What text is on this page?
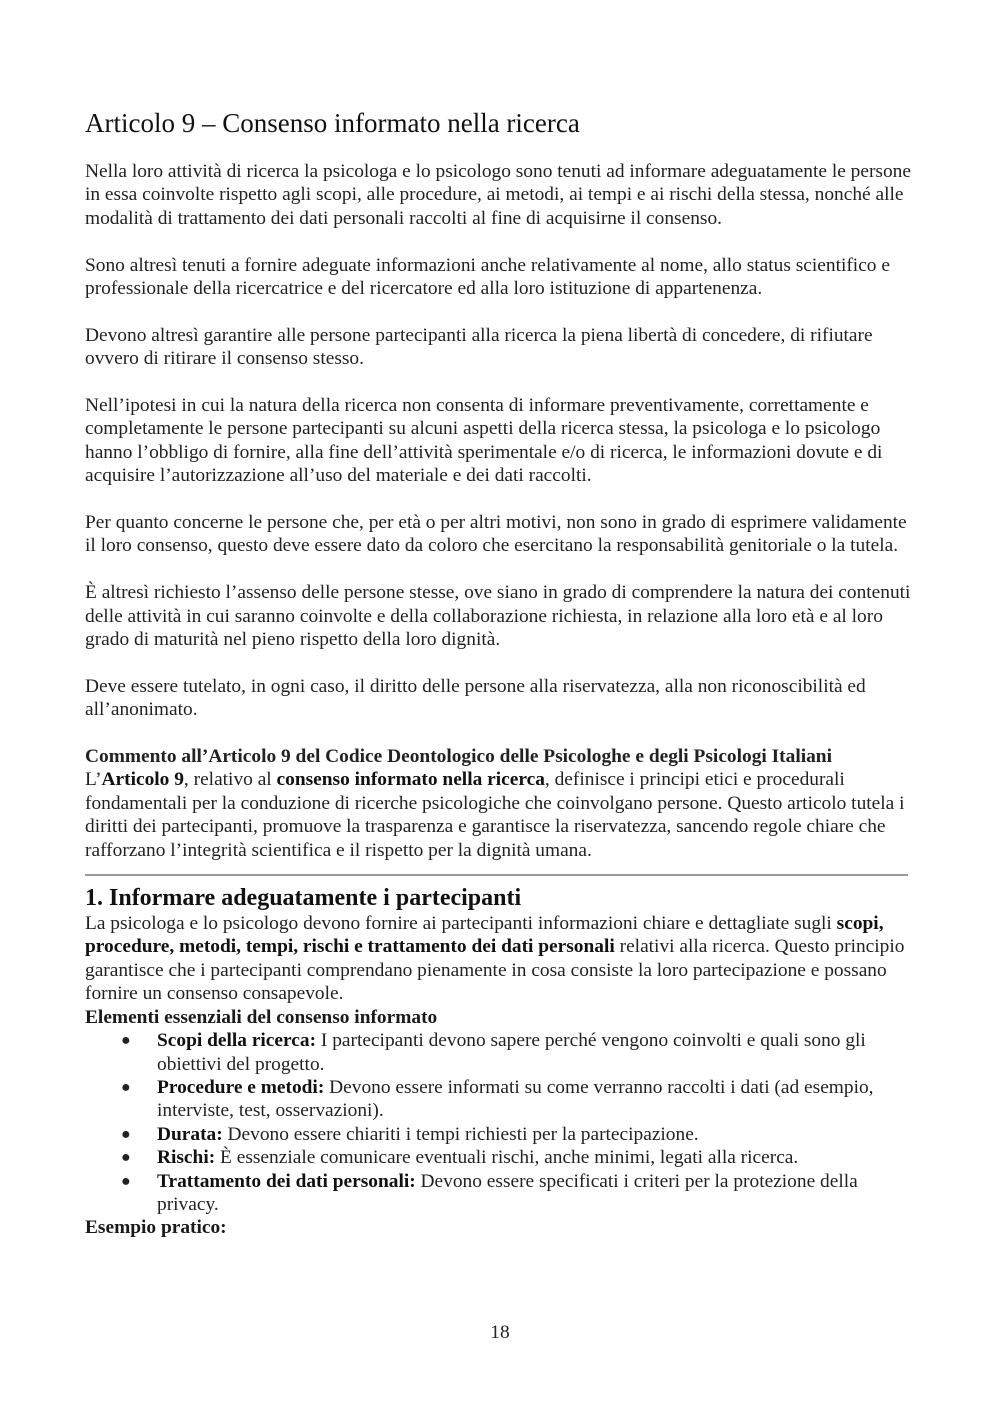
Articolo 9 – Consenso informato nella ricerca

Nella loro attività di ricerca la psicologa e lo psicologo sono tenuti ad informare adeguatamente le persone in essa coinvolte rispetto agli scopi, alle procedure, ai metodi, ai tempi e ai rischi della stessa, nonché alle modalità di trattamento dei dati personali raccolti al fine di acquisirne il consenso.

Sono altresì tenuti a fornire adeguate informazioni anche relativamente al nome, allo status scientifico e professionale della ricercatrice e del ricercatore ed alla loro istituzione di appartenenza.

Devono altresì garantire alle persone partecipanti alla ricerca la piena libertà di concedere, di rifiutare ovvero di ritirare il consenso stesso.

Nell’ipotesi in cui la natura della ricerca non consenta di informare preventivamente, correttamente e completamente le persone partecipanti su alcuni aspetti della ricerca stessa, la psicologa e lo psicologo hanno l’obbligo di fornire, alla fine dell’attività sperimentale e/o di ricerca, le informazioni dovute e di acquisire l’autorizzazione all’uso del materiale e dei dati raccolti.

Per quanto concerne le persone che, per età o per altri motivi, non sono in grado di esprimere validamente il loro consenso, questo deve essere dato da coloro che esercitano la responsabilità genitoriale o la tutela.

È altresì richiesto l’assenso delle persone stesse, ove siano in grado di comprendere la natura dei contenuti delle attività in cui saranno coinvolte e della collaborazione richiesta, in relazione alla loro età e al loro grado di maturità nel pieno rispetto della loro dignità.

Deve essere tutelato, in ogni caso, il diritto delle persone alla riservatezza, alla non riconoscibilità ed all’anonimato.

Commento all’Articolo 9 del Codice Deontologico delle Psicologhe e degli Psicologi Italiani

L’Articolo 9, relativo al consenso informato nella ricerca, definisce i principi etici e procedurali fondamentali per la conduzione di ricerche psicologiche che coinvolgano persone. Questo articolo tutela i diritti dei partecipanti, promuove la trasparenza e garantisce la riservatezza, sancendo regole chiare che rafforzano l’integrità scientifica e il rispetto per la dignità umana.

1. Informare adeguatamente i partecipanti

La psicologa e lo psicologo devono fornire ai partecipanti informazioni chiare e dettagliate sugli scopi, procedure, metodi, tempi, rischi e trattamento dei dati personali relativi alla ricerca. Questo principio garantisce che i partecipanti comprendano pienamente in cosa consiste la loro partecipazione e possano fornire un consenso consapevole.

Elementi essenziali del consenso informato

● Scopi della ricerca: I partecipanti devono sapere perché vengono coinvolti e quali sono gli obiettivi del progetto.
● Procedure e metodi: Devono essere informati su come verranno raccolti i dati (ad esempio, interviste, test, osservazioni).
● Durata: Devono essere chiariti i tempi richiesti per la partecipazione.
● Rischi: È essenziale comunicare eventuali rischi, anche minimi, legati alla ricerca.
● Trattamento dei dati personali: Devono essere specificati i criteri per la protezione della privacy.

Esempio pratico:

18
